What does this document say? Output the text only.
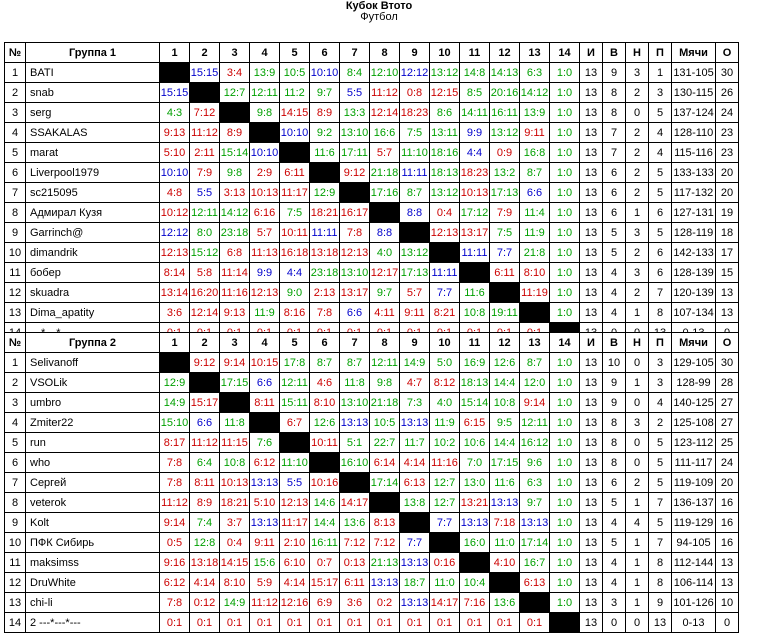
Кубок Втото
Футбол
№	Группа 1	1	2	3	4	5	6	7	8	9	10	11	12	13	14	И	В	Н	П	Мячи	О
1	BATI		15:15	3:4	13:9	10:5	10:10	8:4	12:10	12:12	13:12	14:8	14:13	6:3	1:0	13	9	3	1	131-105	30
2	snab	15:15		12:7	12:11	11:2	9:7	5:5	11:12	0:8	12:15	8:5	20:16	14:12	1:0	13	8	2	3	130-115	26
3	serg	4:3	7:12		9:8	14:15	8:9	13:3	12:14	18:23	8:6	14:11	16:11	13:9	1:0	13	8	0	5	137-124	24
4	SSAKALAS	9:13	11:12	8:9		10:10	9:2	13:10	16:6	7:5	13:11	9:9	13:12	9:11	1:0	13	7	2	4	128-110	23
5	marat	5:10	2:11	15:14	10:10		11:6	17:11	5:7	11:10	18:16	4:4	0:9	16:8	1:0	13	7	2	4	115-116	23
6	Liverpool1979	10:10	7:9	9:8	2:9	6:11		9:12	21:18	11:11	18:13	18:23	13:2	8:7	1:0	13	6	2	5	133-133	20
7	sc215095	4:8	5:5	3:13	10:13	11:17	12:9		17:16	8:7	13:12	10:13	17:13	6:6	1:0	13	6	2	5	117-132	20
8	Адмирал Кузя	10:12	12:11	14:12	6:16	7:5	18:21	16:17		8:8	0:4	17:12	7:9	11:4	1:0	13	6	1	6	127-131	19
9	Garrinch@	12:12	8:0	23:18	5:7	10:11	11:11	7:8	8:8		12:13	13:17	7:5	11:9	1:0	13	5	3	5	128-119	18
10	dimandrik	12:13	15:12	6:8	11:13	16:18	13:18	12:13	4:0	13:12		11:11	7:7	21:8	1:0	13	5	2	6	142-133	17
11	бобер	8:14	5:8	11:14	9:9	4:4	23:18	13:10	12:17	17:13	11:11		6:11	8:10	1:0	13	4	3	6	128-139	15
12	skuadra	13:14	16:20	11:16	12:13	9:0	2:13	13:17	9:7	5:7	7:7	11:6		11:19	1:0	13	4	2	7	120-139	13
13	Dima_apatity	3:6	12:14	9:13	11:9	8:16	7:8	6:6	4:11	9:11	8:21	10:8	19:11		1:0	13	4	1	8	107-134	13

№	Группа 2	1	2	3	4	5	6	7	8	9	10	11	12	13	14	И	В	Н	П	Мячи	О
1	Selivanoff		9:12	9:14	10:15	17:8	8:7	8:7	12:11	14:9	5:0	16:9	12:6	8:7	1:0	13	10	0	3	129-105	30
2	VSOLik	12:9		17:15	6:6	12:11	4:6	11:8	9:8	4:7	8:12	18:13	14:4	12:0	1:0	13	9	1	3	128-99	28
3	umbro	14:9	15:17		8:11	15:11	8:10	13:10	21:18	7:3	4:0	15:14	10:8	9:14	1:0	13	9	0	4	140-125	27
4	Zmiter22	15:10	6:6	11:8		6:7	12:6	13:13	10:5	13:13	11:9	6:15	9:5	12:11	1:0	13	8	3	2	125-108	27
5	run	8:17	11:12	11:15	7:6		10:11	5:1	22:7	11:7	10:2	10:6	14:4	16:12	1:0	13	8	0	5	123-112	25
6	who	7:8	6:4	10:8	6:12	11:10		16:10	6:14	4:14	11:16	7:0	17:15	9:6	1:0	13	8	0	5	111-117	24
7	Сергей	7:8	8:11	10:13	13:13	5:5	10:16		17:14	6:13	12:7	13:0	11:6	6:3	1:0	13	6	2	5	119-109	20
8	veterok	11:12	8:9	18:21	5:10	12:13	14:6	14:17		13:8	12:7	13:21	13:13	9:7	1:0	13	5	1	7	136-137	16
9	Kolt	9:14	7:4	3:7	13:13	11:17	14:4	13:6	8:13		7:7	13:13	7:18	13:13	1:0	13	4	4	5	119-129	16
10	ПФК Сибирь	0:5	12:8	0:4	9:11	2:10	16:11	7:12	7:12	7:7		16:0	11:0	17:14	1:0	13	5	1	7	94-105	16
11	maksimss	9:16	13:18	14:15	15:6	6:10	0:7	0:13	21:13	13:13	0:16		4:10	16:7	1:0	13	4	1	8	112-144	13
12	DruWhite	6:12	4:14	8:10	5:9	4:14	15:17	6:11	13:13	18:7	11:0	10:4		6:13	1:0	13	4	1	8	106-114	13
13	chi-li	7:8	0:12	14:9	11:12	12:16	6:9	3:6	0:2	13:13	14:17	7:16	13:6		1:0	13	3	1	9	101-126	10
14	2 ---*---*---	0:1	0:1	0:1	0:1	0:1	0:1	0:1	0:1	0:1	0:1	0:1	0:1	0:1		13	0	0	13	0-13	0
